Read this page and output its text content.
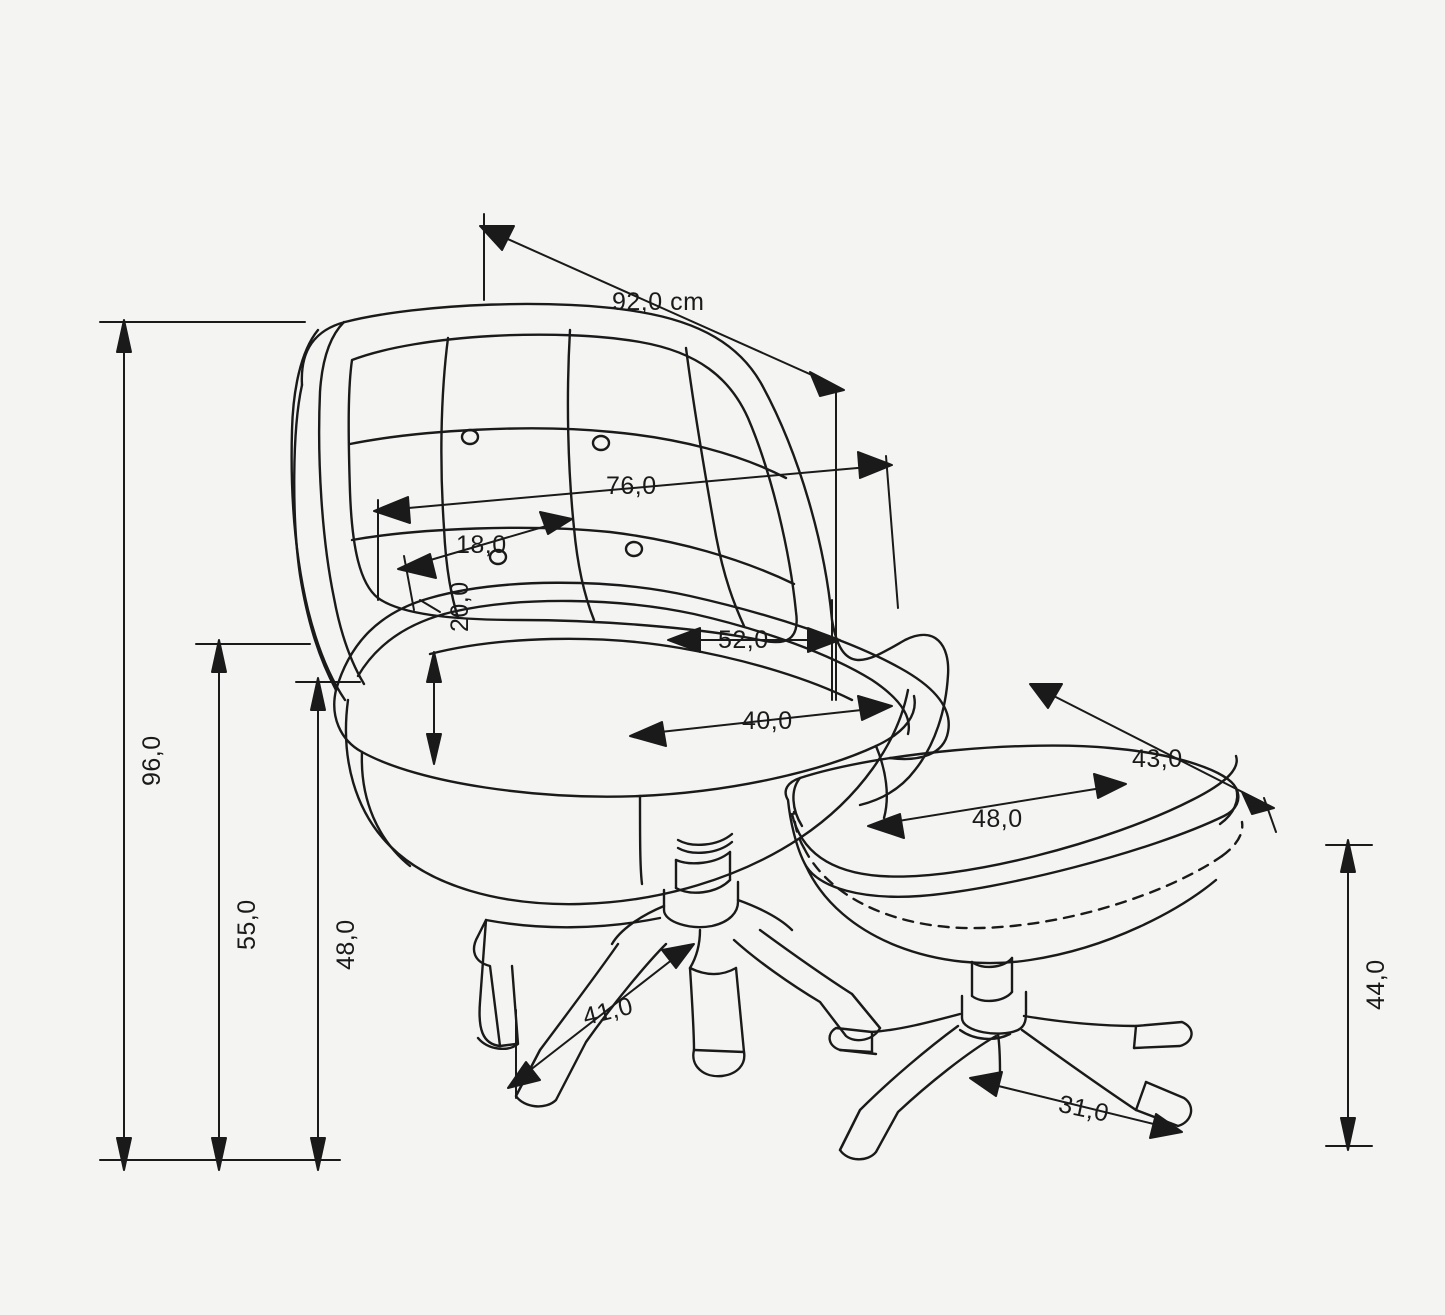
96,0
55,0	48,0
92,0 cm
76,0
18,0
52,0
40,0
20,0
41,0
43,0
48,0
44,0
31,0
